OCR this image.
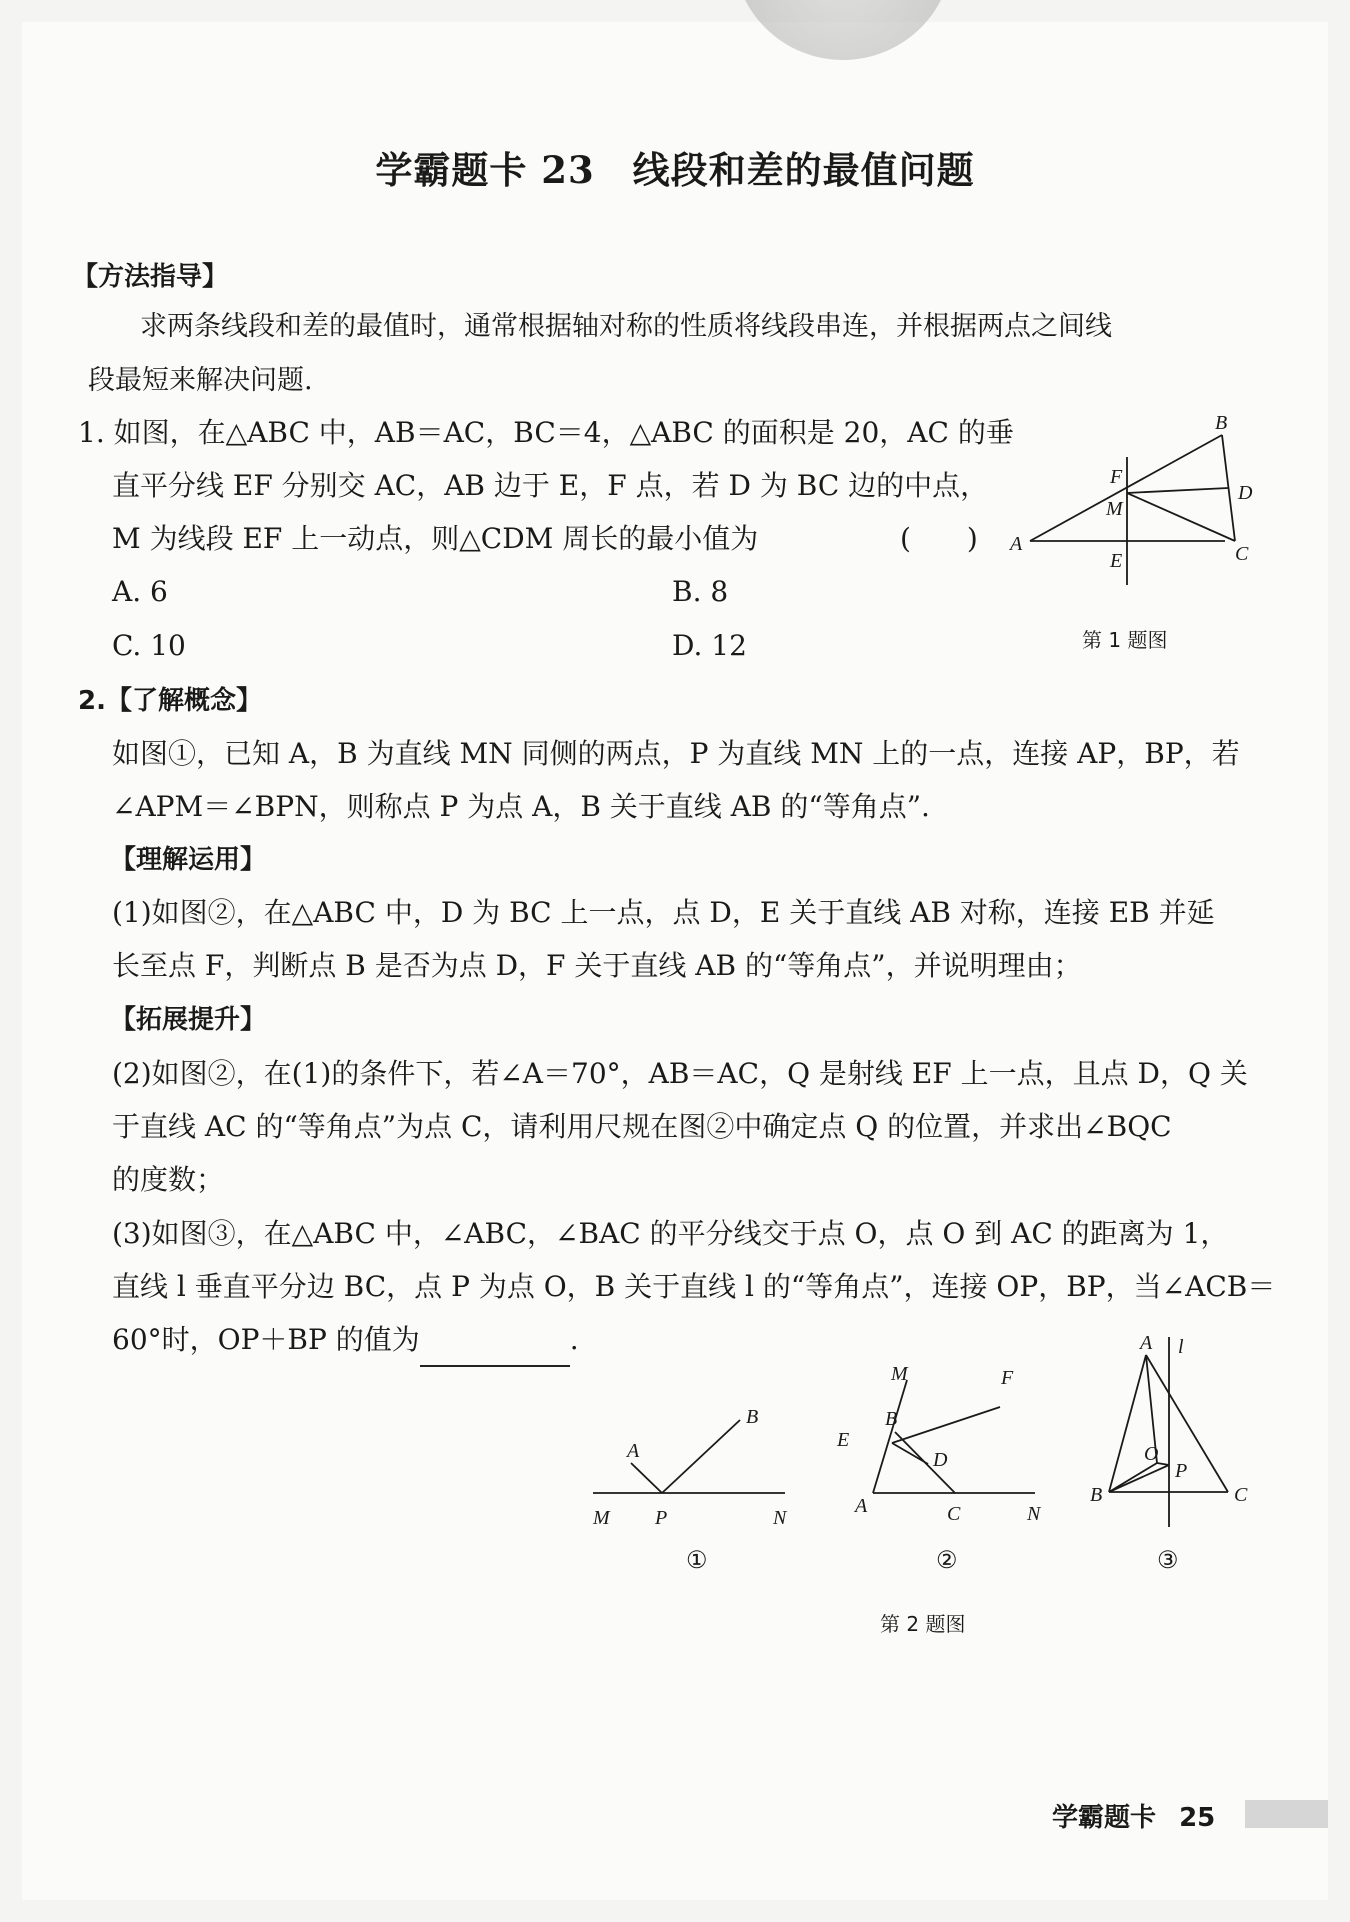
学霸题卡 23 线段和差的最值问题
【方法指导】
求两条线段和差的最值时，通常根据轴对称的性质将线段串连，并根据两点之间线
段最短来解决问题.
1. 如图，在△ABC 中，AB＝AC，BC＝4，△ABC 的面积是 20，AC 的垂
直平分线 EF 分别交 AC，AB 边于 E，F 点，若 D 为 BC 边的中点，
M 为线段 EF 上一动点，则△CDM 周长的最小值为	(　　)
A. 6	B. 8
C. 10	D. 12
B
F
D
M
A
E	C
第 1 题图
2.【了解概念】
如图①，已知 A，B 为直线 MN 同侧的两点，P 为直线 MN 上的一点，连接 AP，BP，若
∠APM＝∠BPN，则称点 P 为点 A，B 关于直线 AB 的“等角点”.
【理解运用】
(1)如图②，在△ABC 中，D 为 BC 上一点，点 D，E 关于直线 AB 对称，连接 EB 并延
长至点 F，判断点 B 是否为点 D，F 关于直线 AB 的“等角点”，并说明理由；
【拓展提升】
(2)如图②，在(1)的条件下，若∠A＝70°，AB＝AC，Q 是射线 EF 上一点，且点 D，Q 关
于直线 AC 的“等角点”为点 C，请利用尺规在图②中确定点 Q 的位置，并求出∠BQC
的度数；
(3)如图③，在△ABC 中，∠ABC，∠BAC 的平分线交于点 O，点 O 到 AC 的距离为 1，
直线 l 垂直平分边 BC，点 P 为点 O，B 关于直线 l 的“等角点”，连接 OP，BP，当∠ACB＝
60°时，OP＋BP 的值为	.
A
B
M P	N
①
M	F
B
E
D
A	C	N
②
A l
O
P
B	C
③
第 2 题图
学霸题卡 25
